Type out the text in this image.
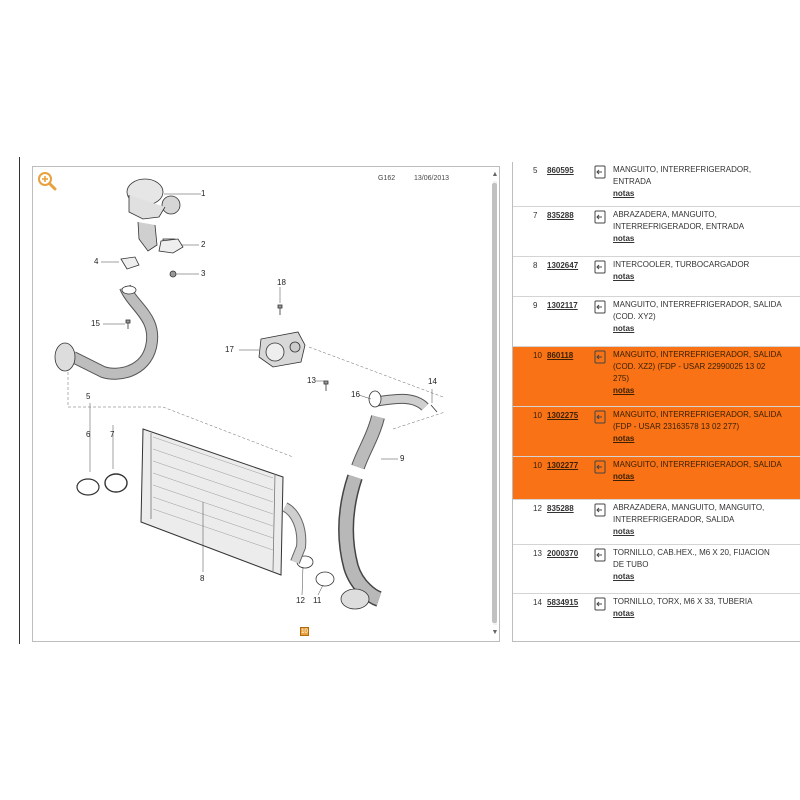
G162	13/06/2013
1
2
3
4
15
17
18
13	14
16
9
5
6 7
8
12 11
10
▲
▼
5 860595	MANGUITO, INTERREFRIGERADOR, ENTRADA
notas
7 835288	ABRAZADERA, MANGUITO, INTERREFRIGERADOR, ENTRADA
notas
8 1302647	INTERCOOLER, TURBOCARGADOR
notas
9 1302117	MANGUITO, INTERREFRIGERADOR, SALIDA (COD. XY2)
notas
10 860118	MANGUITO, INTERREFRIGERADOR, SALIDA (COD. XZ2) (FDP - USAR 22990025 13 02 275)
notas
10 1302275	MANGUITO, INTERREFRIGERADOR, SALIDA (FDP - USAR 23163578 13 02 277)
notas
10 1302277	MANGUITO, INTERREFRIGERADOR, SALIDA
notas
12 835288	ABRAZADERA, MANGUITO, MANGUITO, INTERREFRIGERADOR, SALIDA
notas
13 2000370	TORNILLO, CAB.HEX., M6 X 20, FIJACION DE TUBO
notas
14 5834915	TORNILLO, TORX, M6 X 33, TUBERIA
notas
